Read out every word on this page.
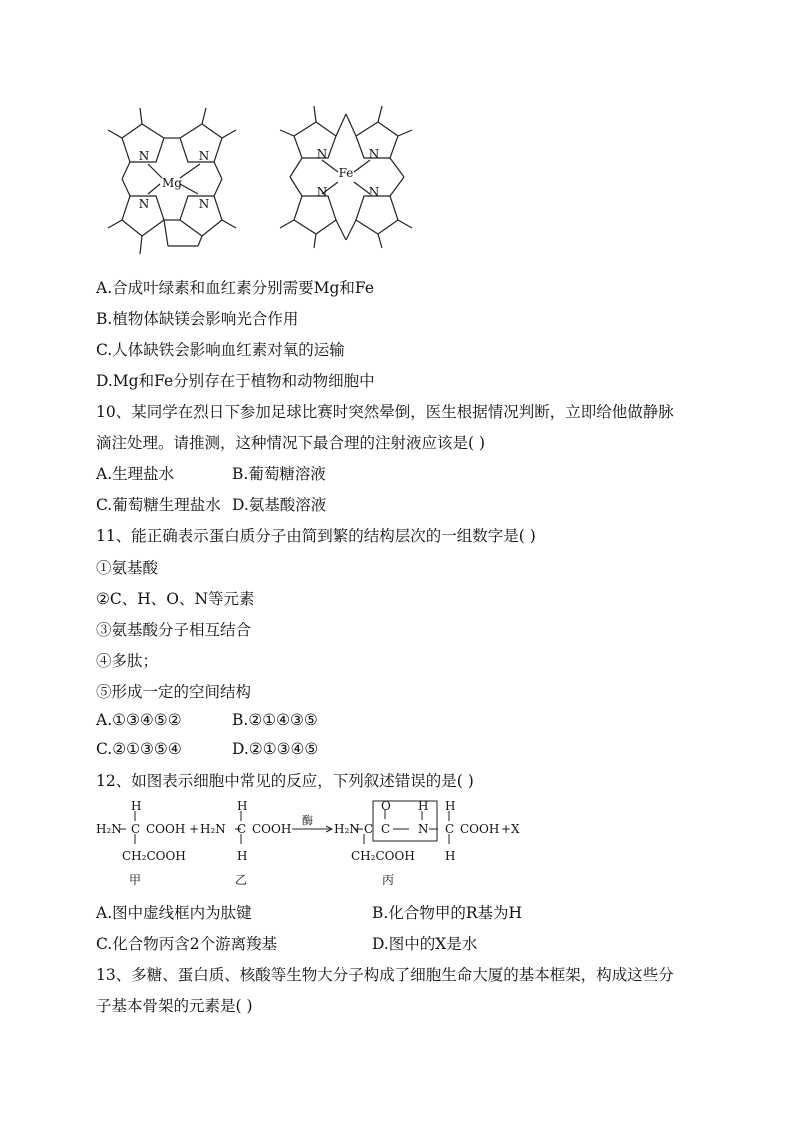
N	N
N	N
Mg
N	N
N	N
Fe
A.合成叶绿素和血红素分别需要Mg和Fe
B.植物体缺镁会影响光合作用
C.人体缺铁会影响血红素对氧的运输
D.Mg和Fe分别存在于植物和动物细胞中
10、某同学在烈日下参加足球比赛时突然晕倒，医生根据情况判断，立即给他做静脉
滴注处理。请推测，这种情况下最合理的注射液应该是( )
A.生理盐水	B.葡萄糖溶液
C.葡萄糖生理盐水 D.氨基酸溶液
11、能正确表示蛋白质分子由简到繁的结构层次的一组数字是( )
①氨基酸
②C、H、O、N等元素
③氨基酸分子相互结合
④多肽；
⑤形成一定的空间结构
A.①③④⑤②	B.②①④③⑤
C.②①③⑤④	D.②①③④⑤
12、如图表示细胞中常见的反应，下列叙述错误的是( )
H
H₂N C COOH +
CH₂COOH
甲
H
H₂N C COOH
H
乙
酶
H₂N C
O
C
H
N
H
C COOH + X
CH₂COOH	H
丙
A.图中虚线框内为肽键	B.化合物甲的R基为H
C.化合物丙含2个游离羧基	D.图中的X是水
13、多糖、蛋白质、核酸等生物大分子构成了细胞生命大厦的基本框架，构成这些分
子基本骨架的元素是( )
